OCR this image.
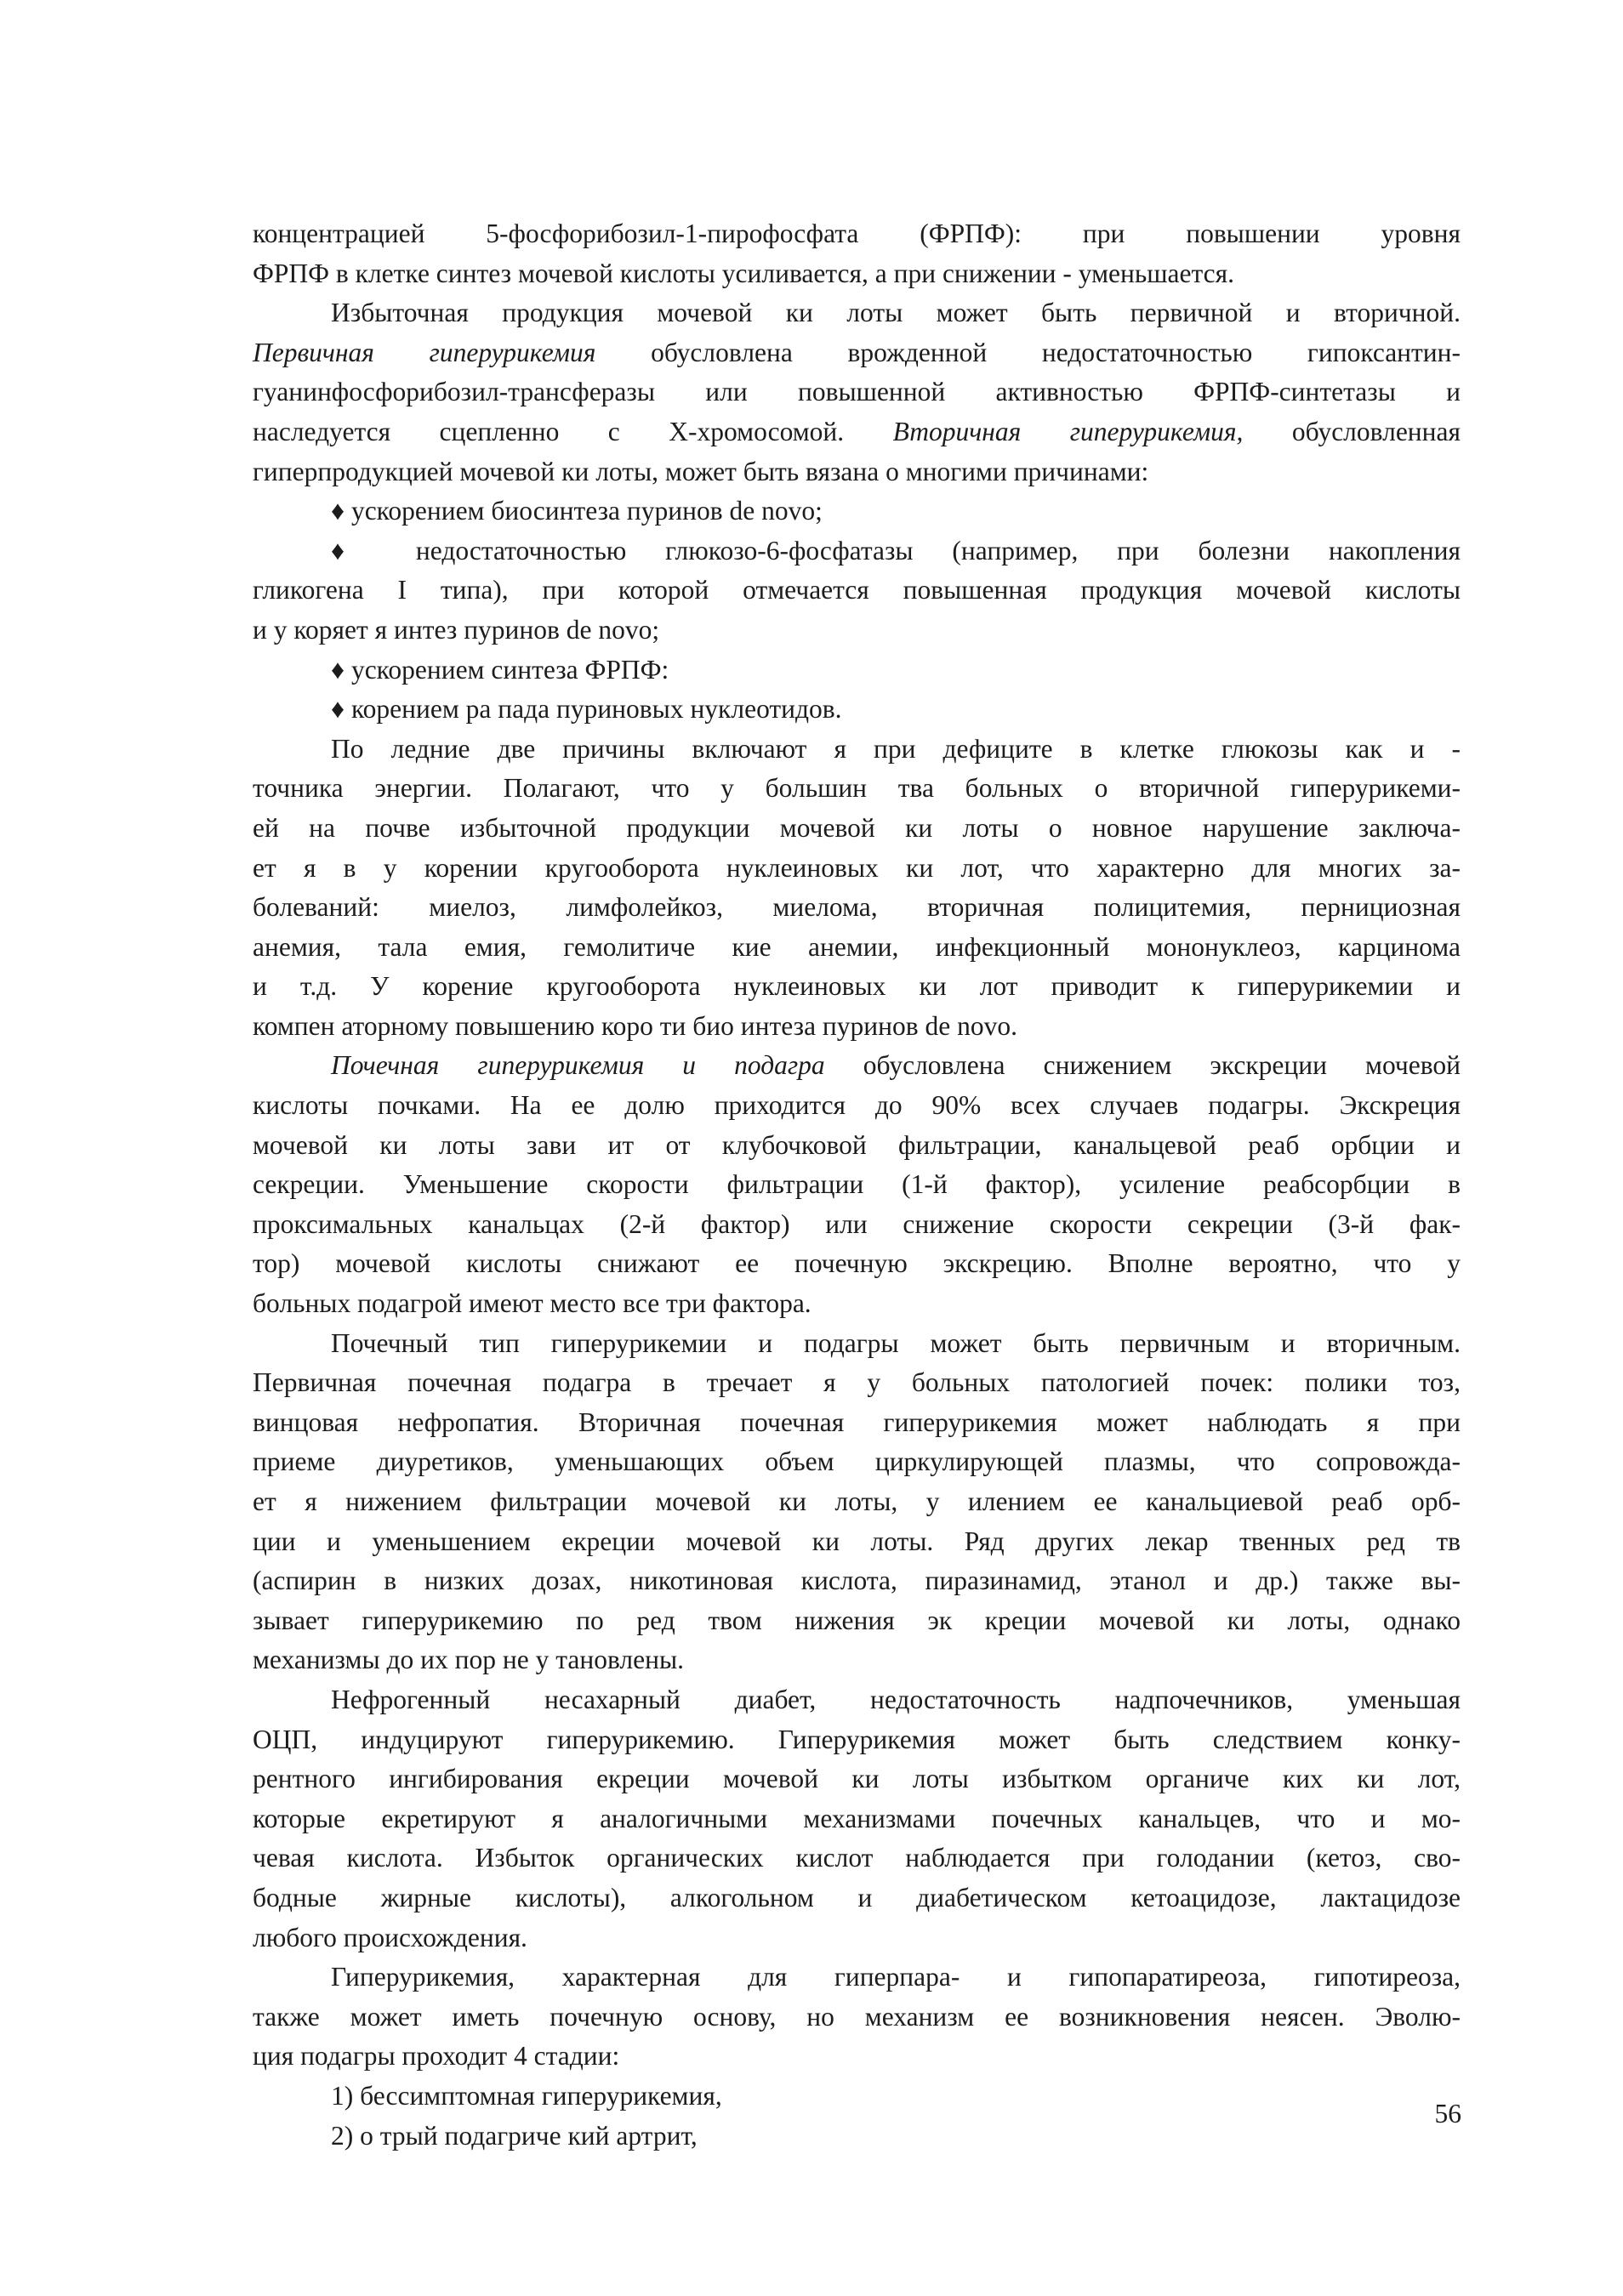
концентрацией 5-фосфорибозил-1-пирофосфата (ФРПФ): при повышении уровня
ФРПФ в клетке синтез мочевой кислоты усиливается, а при снижении - уменьшается.
Избыточная продукция мочевой ки лоты может быть первичной и вторичной.
Первичная гиперурикемия обусловлена врожденной недостаточностью гипоксантин-
гуанинфосфорибозил-трансферазы или повышенной активностью ФРПФ-синтетазы и
наследуется сцепленно с Х-хромосомой. Вторичная гиперурикемия, обусловленная
гиперпродукцией мочевой ки лоты, может быть вязана о многими причинами:
♦ ускорением биосинтеза пуринов de novo;
♦ недостаточностью глюкозо-6-фосфатазы (например, при болезни накопления
гликогена I типа), при которой отмечается повышенная продукция мочевой кислоты
и у коряет я интез пуринов de novo;
♦ ускорением синтеза ФРПФ:
♦ корением ра пада пуриновых нуклеотидов.
По ледние две причины включают я при дефиците в клетке глюкозы как и -
точника энергии. Полагают, что у большин тва больных о вторичной гиперурикеми-
ей на почве избыточной продукции мочевой ки лоты о новное нарушение заключа-
ет я в у корении кругооборота нуклеиновых ки лот, что характерно для многих за-
болеваний: миелоз, лимфолейкоз, миелома, вторичная полицитемия, пернициозная
анемия, тала емия, гемолитиче кие анемии, инфекционный мононуклеоз, карцинома
и т.д. У корение кругооборота нуклеиновых ки лот приводит к гиперурикемии и
компен аторному повышению коро ти био интеза пуринов de novo.
Почечная гиперурикемия и подагра обусловлена снижением экскреции мочевой
кислоты почками. На ее долю приходится до 90% всех случаев подагры. Экскреция
мочевой ки лоты зави ит от клубочковой фильтрации, канальцевой реаб орбции и
секреции. Уменьшение скорости фильтрации (1-й фактор), усиление реабсорбции в
проксимальных канальцах (2-й фактор) или снижение скорости секреции (3-й фак-
тор) мочевой кислоты снижают ее почечную экскрецию. Вполне вероятно, что у
больных подагрой имеют место все три фактора.
Почечный тип гиперурикемии и подагры может быть первичным и вторичным.
Первичная почечная подагра в тречает я у больных патологией почек: полики тоз,
винцовая нефропатия. Вторичная почечная гиперурикемия может наблюдать я при
приеме диуретиков, уменьшающих объем циркулирующей плазмы, что сопровожда-
ет я нижением фильтрации мочевой ки лоты, у илением ее канальциевой реаб орб-
ции и уменьшением екреции мочевой ки лоты. Ряд других лекар твенных ред тв
(аспирин в низких дозах, никотиновая кислота, пиразинамид, этанол и др.) также вы-
зывает гиперурикемию по ред твом нижения эк креции мочевой ки лоты, однако
механизмы до их пор не у тановлены.
Нефрогенный несахарный диабет, недостаточность надпочечников, уменьшая
ОЦП, индуцируют гиперурикемию. Гиперурикемия может быть следствием конку-
рентного ингибирования екреции мочевой ки лоты избытком органиче ких ки лот,
которые екретируют я аналогичными механизмами почечных канальцев, что и мо-
чевая кислота. Избыток органических кислот наблюдается при голодании (кетоз, сво-
бодные жирные кислоты), алкогольном и диабетическом кетоацидозе, лактацидозе
любого происхождения.
Гиперурикемия, характерная для гиперпара- и гипопаратиреоза, гипотиреоза,
также может иметь почечную основу, но механизм ее возникновения неясен. Эволю-
ция подагры проходит 4 стадии:
1) бессимптомная гиперурикемия,
2) о трый подагриче кий артрит,
56
